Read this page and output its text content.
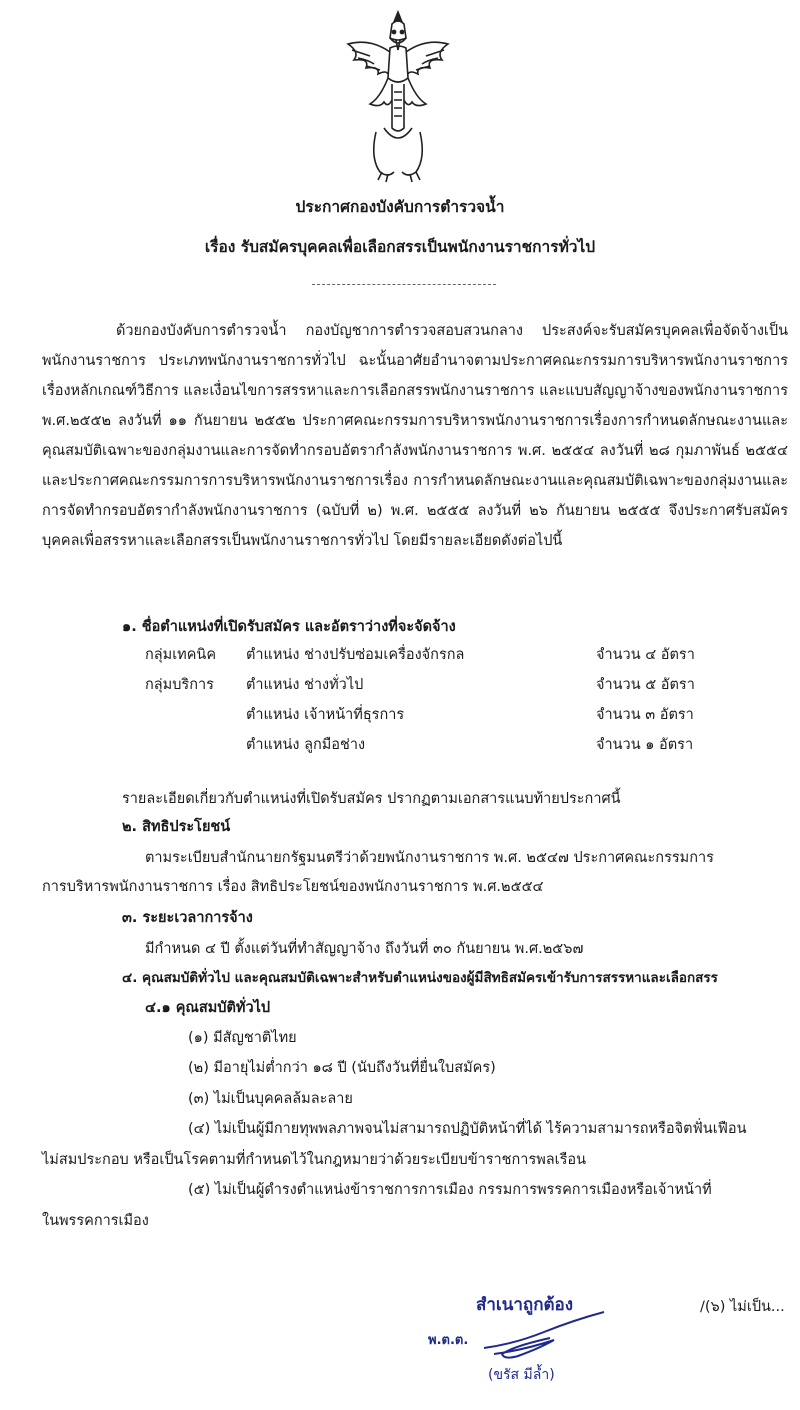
ประกาศกองบังคับการตำรวจน้ำ
เรื่อง รับสมัครบุคคลเพื่อเลือกสรรเป็นพนักงานราชการทั่วไป
ด้วยกองบังคับการตำรวจน้ำ กองบัญชาการตำรวจสอบสวนกลาง ประสงค์จะรับสมัครบุคคลเพื่อจัดจ้างเป็นพนักงานราชการ ประเภทพนักงานราชการทั่วไป ฉะนั้นอาศัยอำนาจตามประกาศคณะกรรมการบริหารพนักงานราชการ เรื่องหลักเกณฑ์วิธีการ และเงื่อนไขการสรรหาและการเลือกสรรพนักงานราชการ และแบบสัญญาจ้างของพนักงานราชการ พ.ศ.๒๕๕๒ ลงวันที่ ๑๑ กันยายน ๒๕๕๒ ประกาศคณะกรรมการบริหารพนักงานราชการเรื่องการกำหนดลักษณะงานและคุณสมบัติเฉพาะของกลุ่มงานและการจัดทำกรอบอัตรากำลังพนักงานราชการ พ.ศ. ๒๕๕๔ ลงวันที่ ๒๘ กุมภาพันธ์ ๒๕๕๔ และประกาศคณะกรรมการการบริหารพนักงานราชการเรื่อง การกำหนดลักษณะงานและคุณสมบัติเฉพาะของกลุ่มงานและการจัดทำกรอบอัตรากำลังพนักงานราชการ (ฉบับที่ ๒) พ.ศ. ๒๕๕๕ ลงวันที่ ๒๖ กันยายน ๒๕๕๕ จึงประกาศรับสมัครบุคคลเพื่อสรรหาและเลือกสรรเป็นพนักงานราชการทั่วไป โดยมีรายละเอียดดังต่อไปนี้
๑. ชื่อตำแหน่งที่เปิดรับสมัคร และอัตราว่างที่จะจัดจ้าง
กลุ่มเทคนิค ตำแหน่ง ช่างปรับซ่อมเครื่องจักรกล	จำนวน ๔ อัตรา
กลุ่มบริการ ตำแหน่ง ช่างทั่วไป	จำนวน ๕ อัตรา
ตำแหน่ง เจ้าหน้าที่ธุรการ	จำนวน ๓ อัตรา
ตำแหน่ง ลูกมือช่าง	จำนวน ๑ อัตรา
รายละเอียดเกี่ยวกับตำแหน่งที่เปิดรับสมัคร ปรากฏตามเอกสารแนบท้ายประกาศนี้
๒. สิทธิประโยชน์
ตามระเบียบสำนักนายกรัฐมนตรีว่าด้วยพนักงานราชการ พ.ศ. ๒๕๔๗ ประกาศคณะกรรมการ
การบริหารพนักงานราชการ เรื่อง สิทธิประโยชน์ของพนักงานราชการ พ.ศ.๒๕๕๔
๓. ระยะเวลาการจ้าง
มีกำหนด ๔ ปี ตั้งแต่วันที่ทำสัญญาจ้าง ถึงวันที่ ๓๐ กันยายน พ.ศ.๒๕๖๗
๔. คุณสมบัติทั่วไป และคุณสมบัติเฉพาะสำหรับตำแหน่งของผู้มีสิทธิสมัครเข้ารับการสรรหาและเลือกสรร
๔.๑ คุณสมบัติทั่วไป
(๑) มีสัญชาติไทย
(๒) มีอายุไม่ต่ำกว่า ๑๘ ปี (นับถึงวันที่ยื่นใบสมัคร)
(๓) ไม่เป็นบุคคลล้มละลาย
(๔) ไม่เป็นผู้มีกายทุพพลภาพจนไม่สามารถปฏิบัติหน้าที่ได้ ไร้ความสามารถหรือจิตฟั่นเฟือน
ไม่สมประกอบ หรือเป็นโรคตามที่กำหนดไว้ในกฎหมายว่าด้วยระเบียบข้าราชการพลเรือน
(๕) ไม่เป็นผู้ดำรงตำแหน่งข้าราชการการเมือง กรรมการพรรคการเมืองหรือเจ้าหน้าที่
ในพรรคการเมือง
สำเนาถูกต้อง
พ.ต.ต.
(ขรัส มีล้ำ)
/(๖) ไม่เป็น...
